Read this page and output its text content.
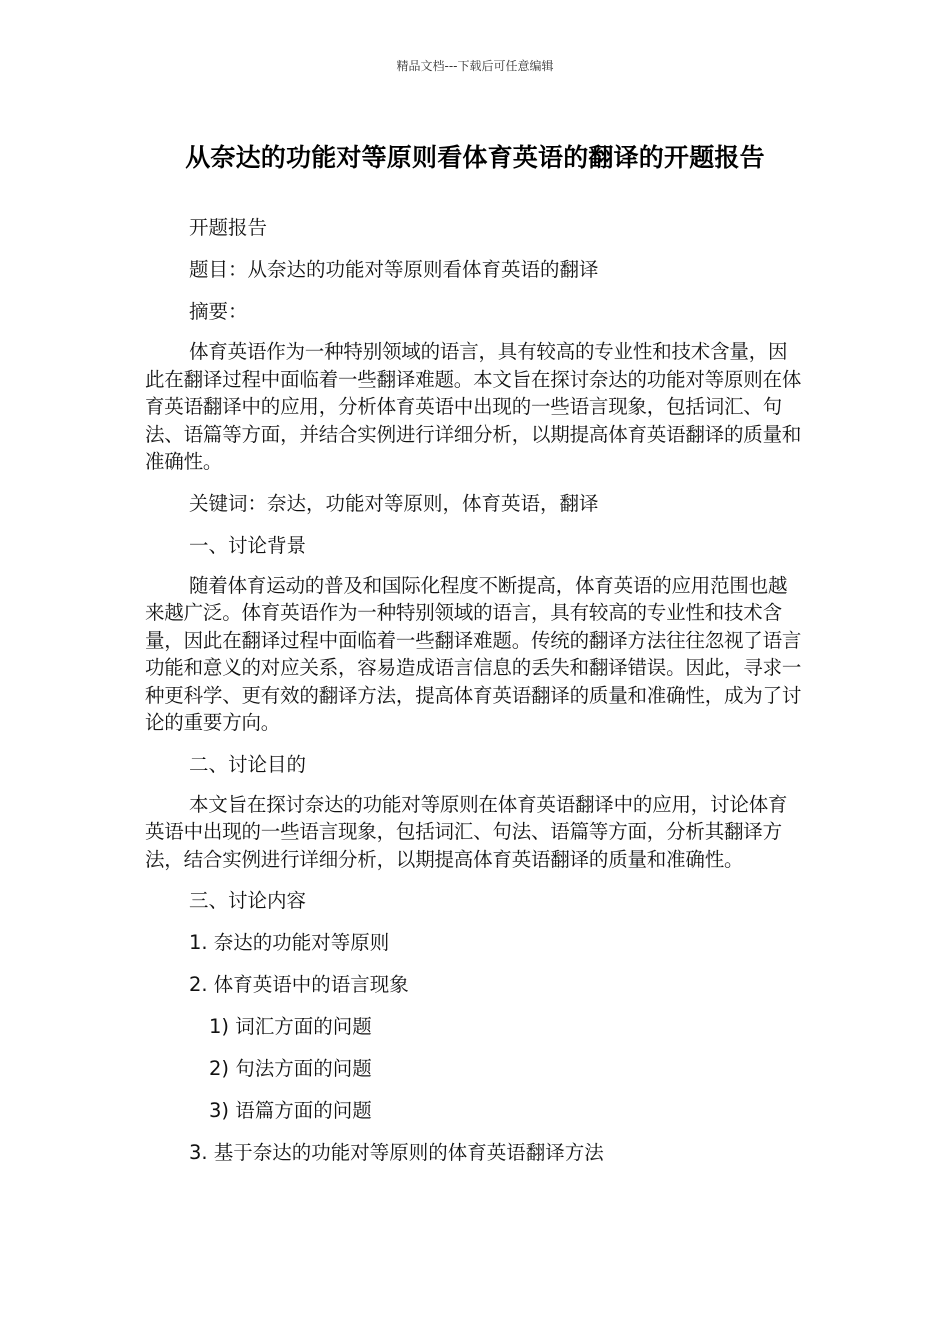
精品文档---下载后可任意编辑
从奈达的功能对等原则看体育英语的翻译的开题报告

开题报告

题目：从奈达的功能对等原则看体育英语的翻译

摘要：

体育英语作为一种特别领域的语言，具有较高的专业性和技术含量，因此在翻译过程中面临着一些翻译难题。本文旨在探讨奈达的功能对等原则在体育英语翻译中的应用，分析体育英语中出现的一些语言现象，包括词汇、句法、语篇等方面，并结合实例进行详细分析，以期提高体育英语翻译的质量和准确性。

关键词：奈达，功能对等原则，体育英语，翻译

一、讨论背景

随着体育运动的普及和国际化程度不断提高，体育英语的应用范围也越来越广泛。体育英语作为一种特别领域的语言，具有较高的专业性和技术含量，因此在翻译过程中面临着一些翻译难题。传统的翻译方法往往忽视了语言功能和意义的对应关系，容易造成语言信息的丢失和翻译错误。因此，寻求一种更科学、更有效的翻译方法，提高体育英语翻译的质量和准确性，成为了讨论的重要方向。

二、讨论目的

本文旨在探讨奈达的功能对等原则在体育英语翻译中的应用，讨论体育英语中出现的一些语言现象，包括词汇、句法、语篇等方面，分析其翻译方法，结合实例进行详细分析，以期提高体育英语翻译的质量和准确性。

三、讨论内容

1. 奈达的功能对等原则

2. 体育英语中的语言现象

1) 词汇方面的问题

2) 句法方面的问题

3) 语篇方面的问题

3. 基于奈达的功能对等原则的体育英语翻译方法
